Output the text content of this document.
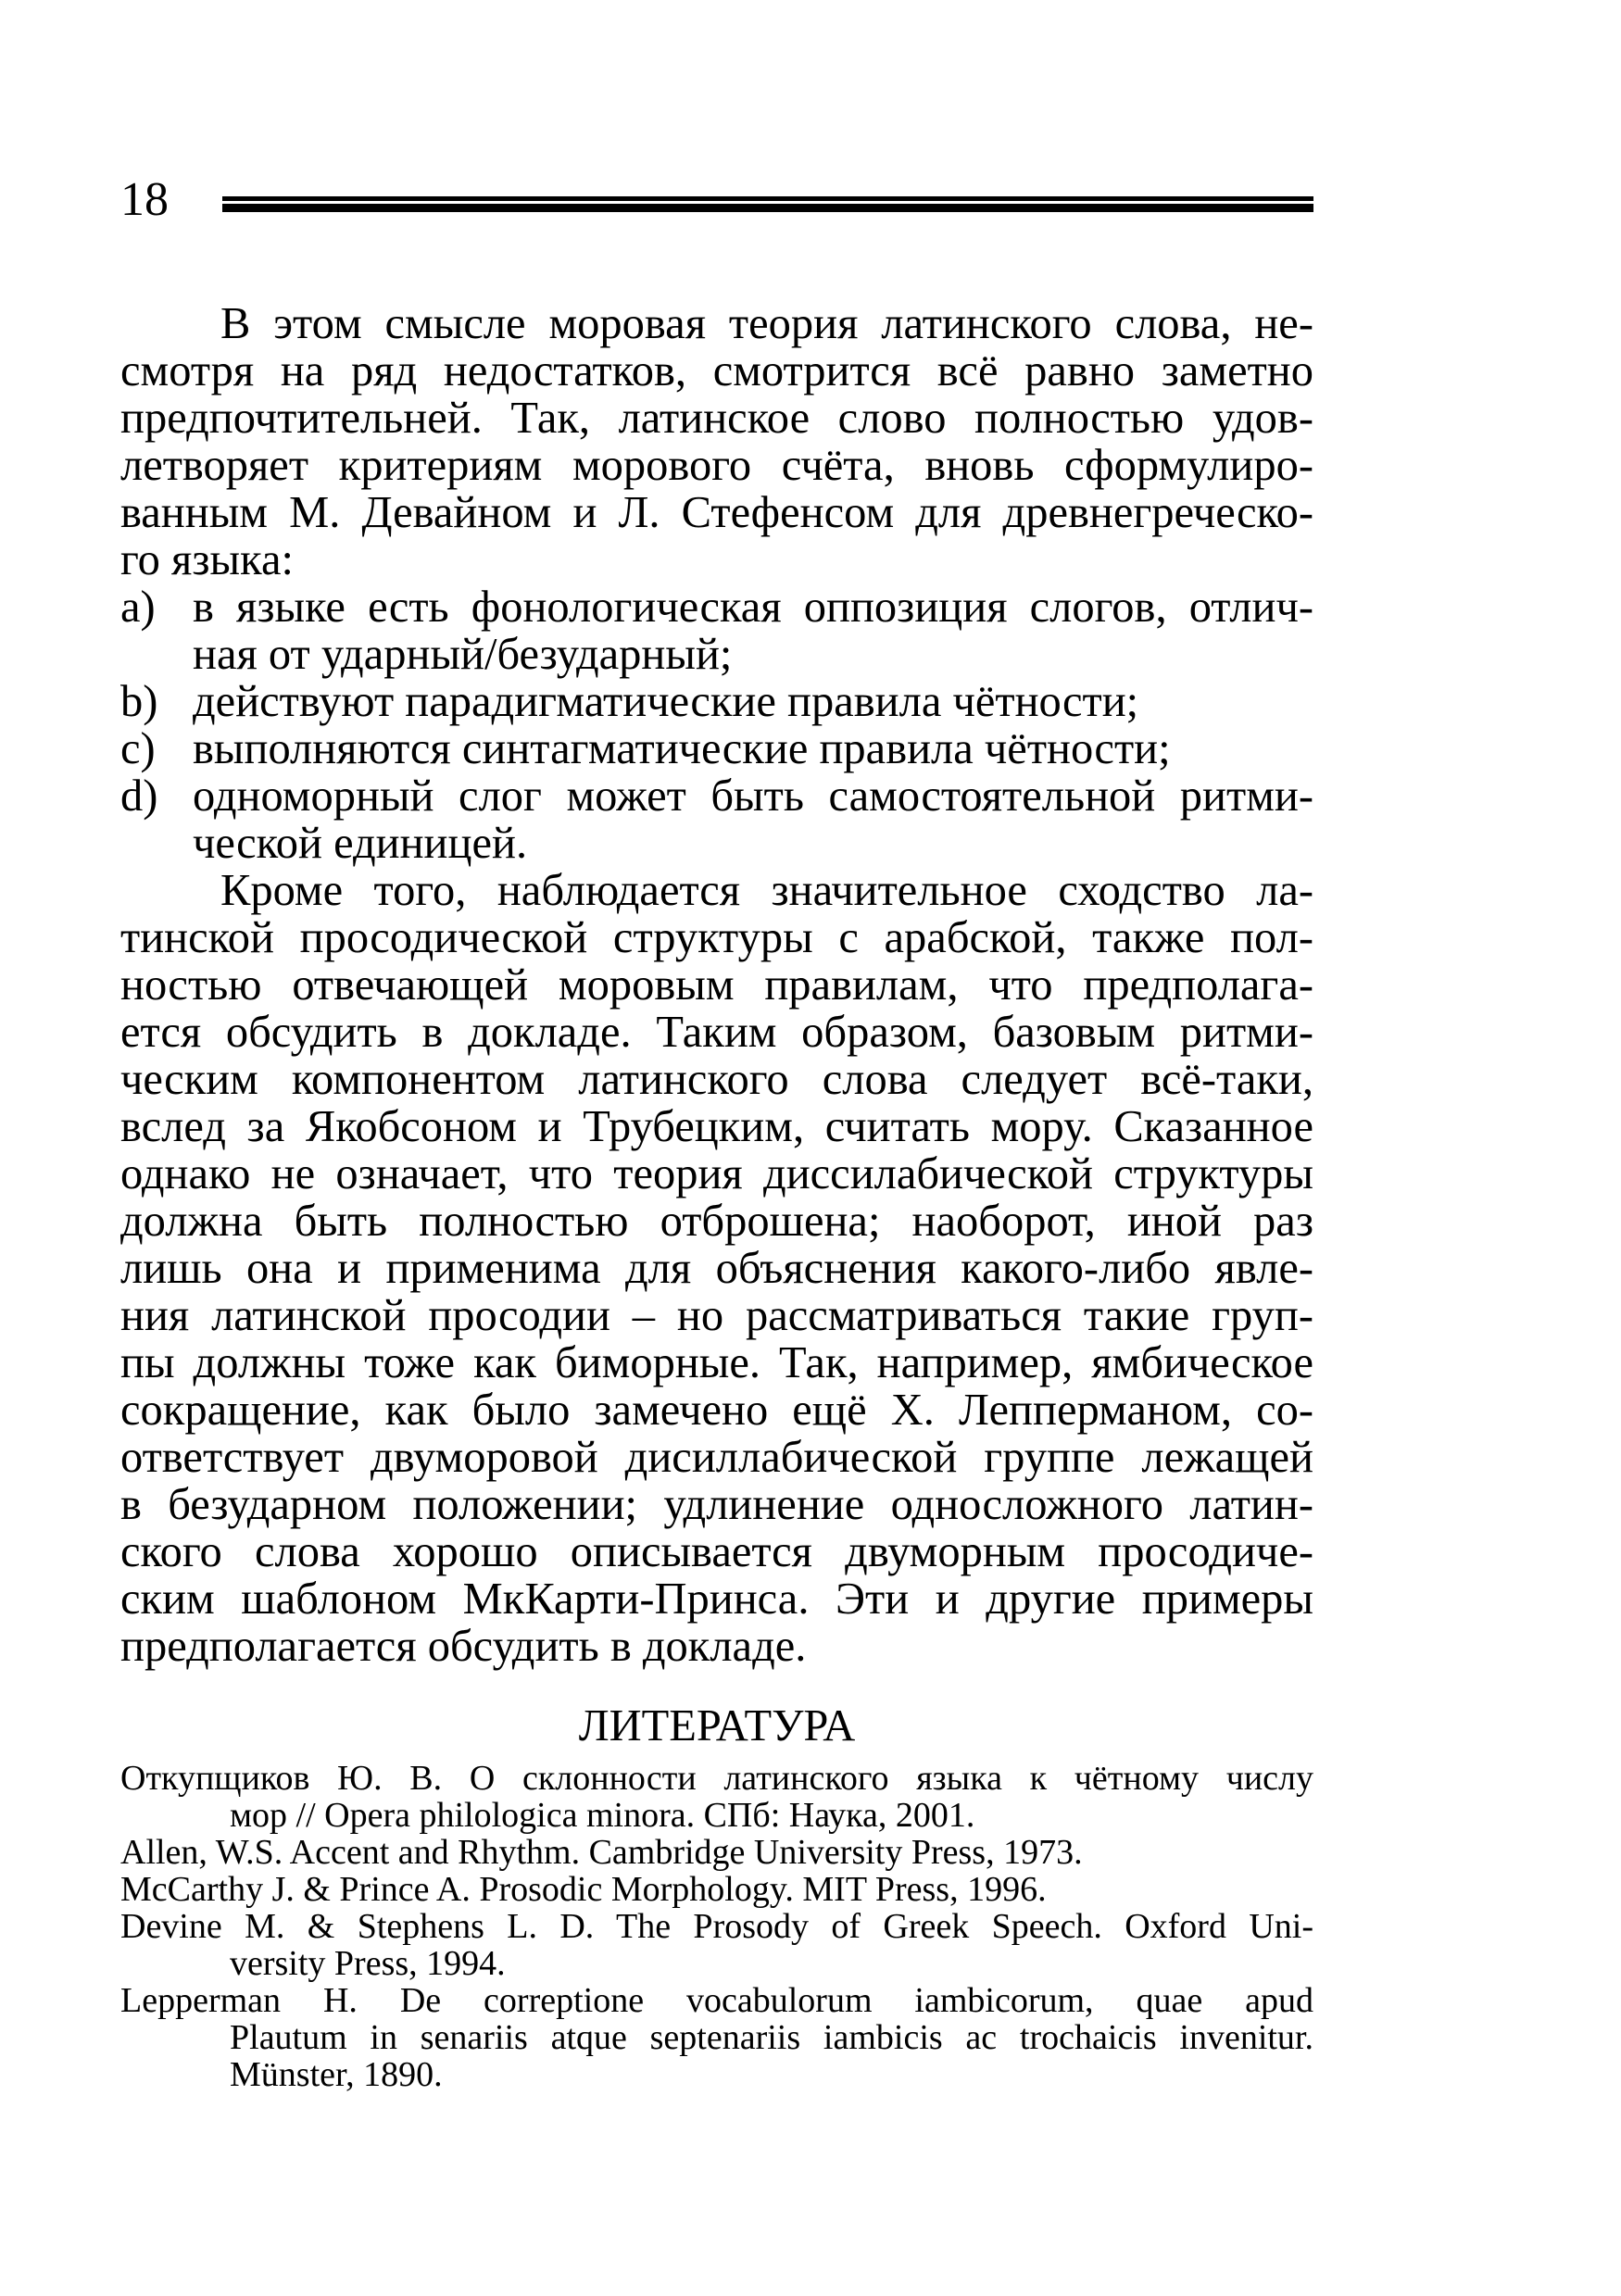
18
В этом смысле моровая теория латинского слова, не-
смотря на ряд недостатков, смотрится всё равно заметно
предпочтительней. Так, латинское слово полностью удов-
летворяет критериям морового счёта, вновь сформулиро-
ванным М. Девайном и Л. Стефенсом для древнегреческо-
го языка:
а) в языке есть фонологическая оппозиция слогов, отлич-
ная от ударный/безударный;
b) действуют парадигматические правила чётности;
c) выполняются синтагматические правила чётности;
d) одноморный слог может быть самостоятельной ритми-
ческой единицей.
Кроме того, наблюдается значительное сходство ла-
тинской просодической структуры с арабской, также пол-
ностью отвечающей моровым правилам, что предполага-
ется обсудить в докладе. Таким образом, базовым ритми-
ческим компонентом латинского слова следует всё-таки,
вслед за Якобсоном и Трубецким, считать мору. Сказанное
однако не означает, что теория диссилабической структуры
должна быть полностью отброшена; наоборот, иной раз
лишь она и применима для объяснения какого-либо явле-
ния латинской просодии – но рассматриваться такие груп-
пы должны тоже как биморные. Так, например, ямбическое
сокращение, как было замечено ещё Х. Лепперманом, со-
ответствует двуморовой дисиллабической группе лежащей
в безударном положении; удлинение односложного латин-
ского слова хорошо описывается двуморным просодиче-
ским шаблоном МкКарти-Принса. Эти и другие примеры
предполагается обсудить в докладе.
ЛИТЕРАТУРА
Откупщиков Ю. В. О склонности латинского языка к чётному числу
мор // Opera philologica minora. СПб: Наука, 2001.
Allen, W.S. Accent and Rhythm. Cambridge University Press, 1973.
McCarthy J. & Prince A. Prosodic Morphology. MIT Press, 1996.
Devine M. & Stephens L. D. The Prosody of Greek Speech. Oxford Uni-
versity Press, 1994.
Lepperman H. De correptione vocabulorum iambicorum, quae apud
Plautum in senariis atque septenariis iambicis ac trochaicis invenitur.
Münster, 1890.
